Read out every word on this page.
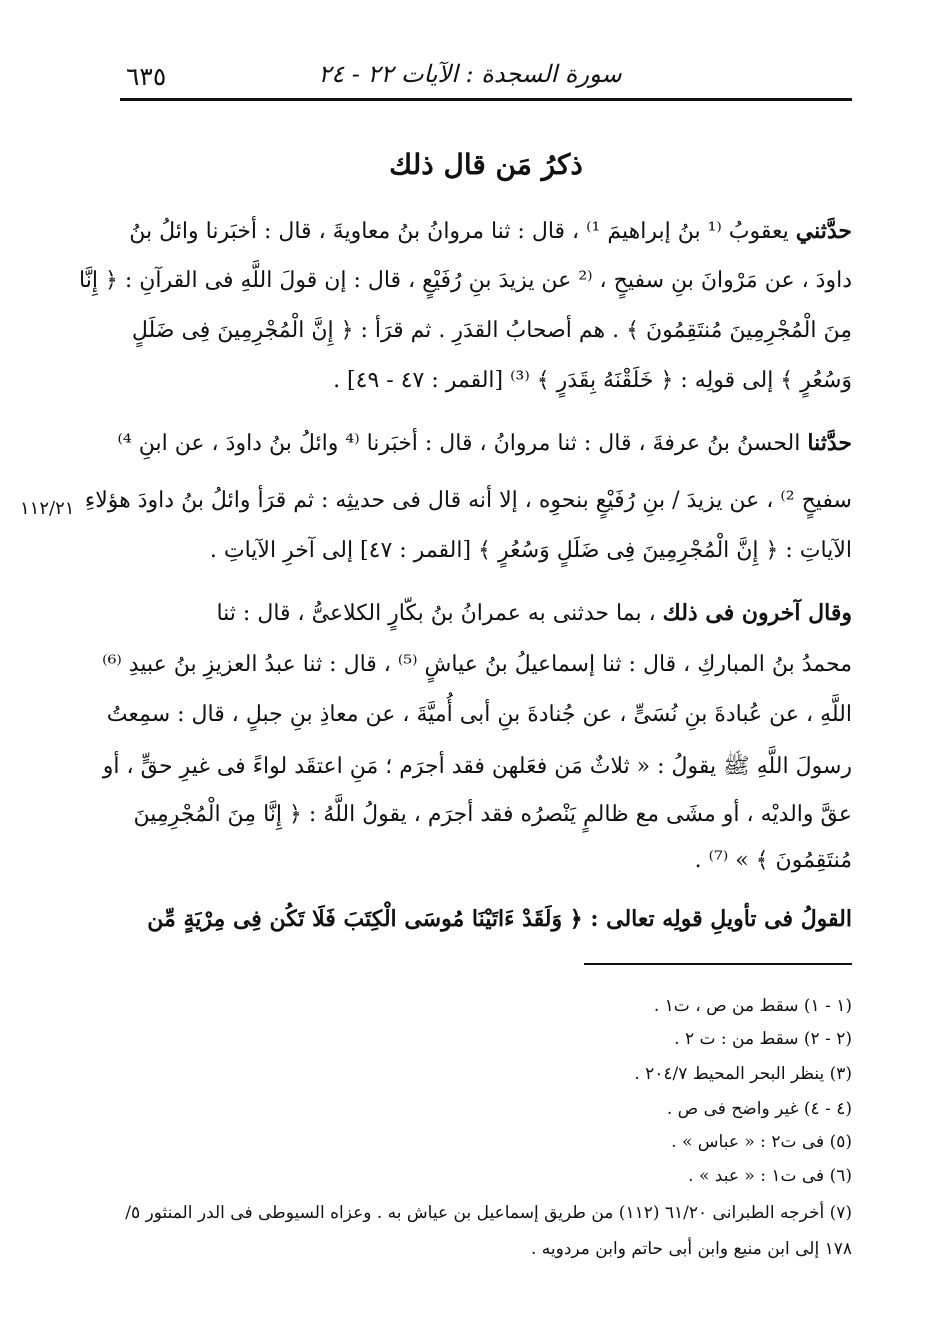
٦٣٥	سورة السجدة : الآيات ٢٢ - ٢٤
ذكرُ مَن قال ذلك
حدَّثني يعقوبُ ⁽¹ بنُ إبراهيمَ ¹⁾ ، قال : ثنا مروانُ بنُ معاويةَ ، قال : أخبَرنا وائلُ بنُ
داودَ ، عن مَرْوانَ بنِ سفيحٍ ، ⁽² عن يزيدَ بنِ رُفَيْعٍ ، قال : إن قولَ اللَّهِ فى القرآنِ : ﴿ إِنَّا
مِنَ الْمُجْرِمِينَ مُنتَقِمُونَ ﴾ . هم أصحابُ القدَرِ . ثم قرَأ : ﴿ إِنَّ الْمُجْرِمِينَ فِى ضَلَلٍ
وَسُعُرٍ ﴾ إلى قولِه : ﴿ خَلَقْنَهُ بِقَدَرٍ ﴾ ⁽³⁾ [القمر : ٤٧ - ٤٩] .
حدَّثنا الحسنُ بنُ عرفةَ ، قال : ثنا مروانُ ، قال : أخبَرنا ⁽⁴ وائلُ بنُ داودَ ، عن ابنِ ⁴⁾
سفيحٍ ²⁾ ، عن يزيدَ / بنِ رُفَيْعٍ بنحوِه ، إلا أنه قال فى حديثِه : ثم قرَأ وائلُ بنُ داودَ هؤلاءِ
الآياتِ : ﴿ إِنَّ الْمُجْرِمِينَ فِى ضَلَلٍ وَسُعُرٍ ﴾ [القمر : ٤٧] إلى آخرِ الآياتِ .
١١٢/٢١
وقال آخرون فى ذلك ، بما حدثنى به عمرانُ بنُ بكّارٍ الكلاعىُّ ، قال : ثنا
محمدُ بنُ المباركِ ، قال : ثنا إسماعيلُ بنُ عياشٍ ⁽⁵⁾ ، قال : ثنا عبدُ العزيزِ بنُ عبيدِ ⁽⁶⁾
اللَّهِ ، عن عُبادةَ بنِ نُسَىٍّ ، عن جُنادةَ بنِ أبى أُميَّةَ ، عن معاذِ بنِ جبلٍ ، قال : سمِعتُ
رسولَ اللَّهِ ﷺ يقولُ : « ثلاثٌ مَن فعَلهن فقد أجرَم ؛ مَنِ اعتقَد لواءً فى غيرِ حقٍّ ، أو
عقَّ والديْه ، أو مشَى مع ظالمٍ يَنْصرُه فقد أجرَم ، يقولُ اللَّهُ : ﴿ إِنَّا مِنَ الْمُجْرِمِينَ
مُنتَقِمُونَ ﴾ » ⁽⁷⁾ .
القولُ فى تأويلِ قولِه تعالى : ﴿ وَلَقَدْ ءَاتَيْنَا مُوسَى الْكِتَبَ فَلَا تَكُن فِى مِرْيَةٍ مِّن
(١ - ١) سقط من ص ، ت١ .
(٢ - ٢) سقط من : ت ٢ .
(٣) ينظر البحر المحيط ٢٠٤/٧ .
(٤ - ٤) غير واضح فى ص .
(٥) فى ت٢ : « عباس » .
(٦) فى ت١ : « عبد » .
(٧) أخرجه الطبرانى ٦١/٢٠ (١١٢) من طريق إسماعيل بن عياش به . وعزاه السيوطى فى الدر المنثور ٥/
١٧٨ إلى ابن منيع وابن أبى حاتم وابن مردويه .
